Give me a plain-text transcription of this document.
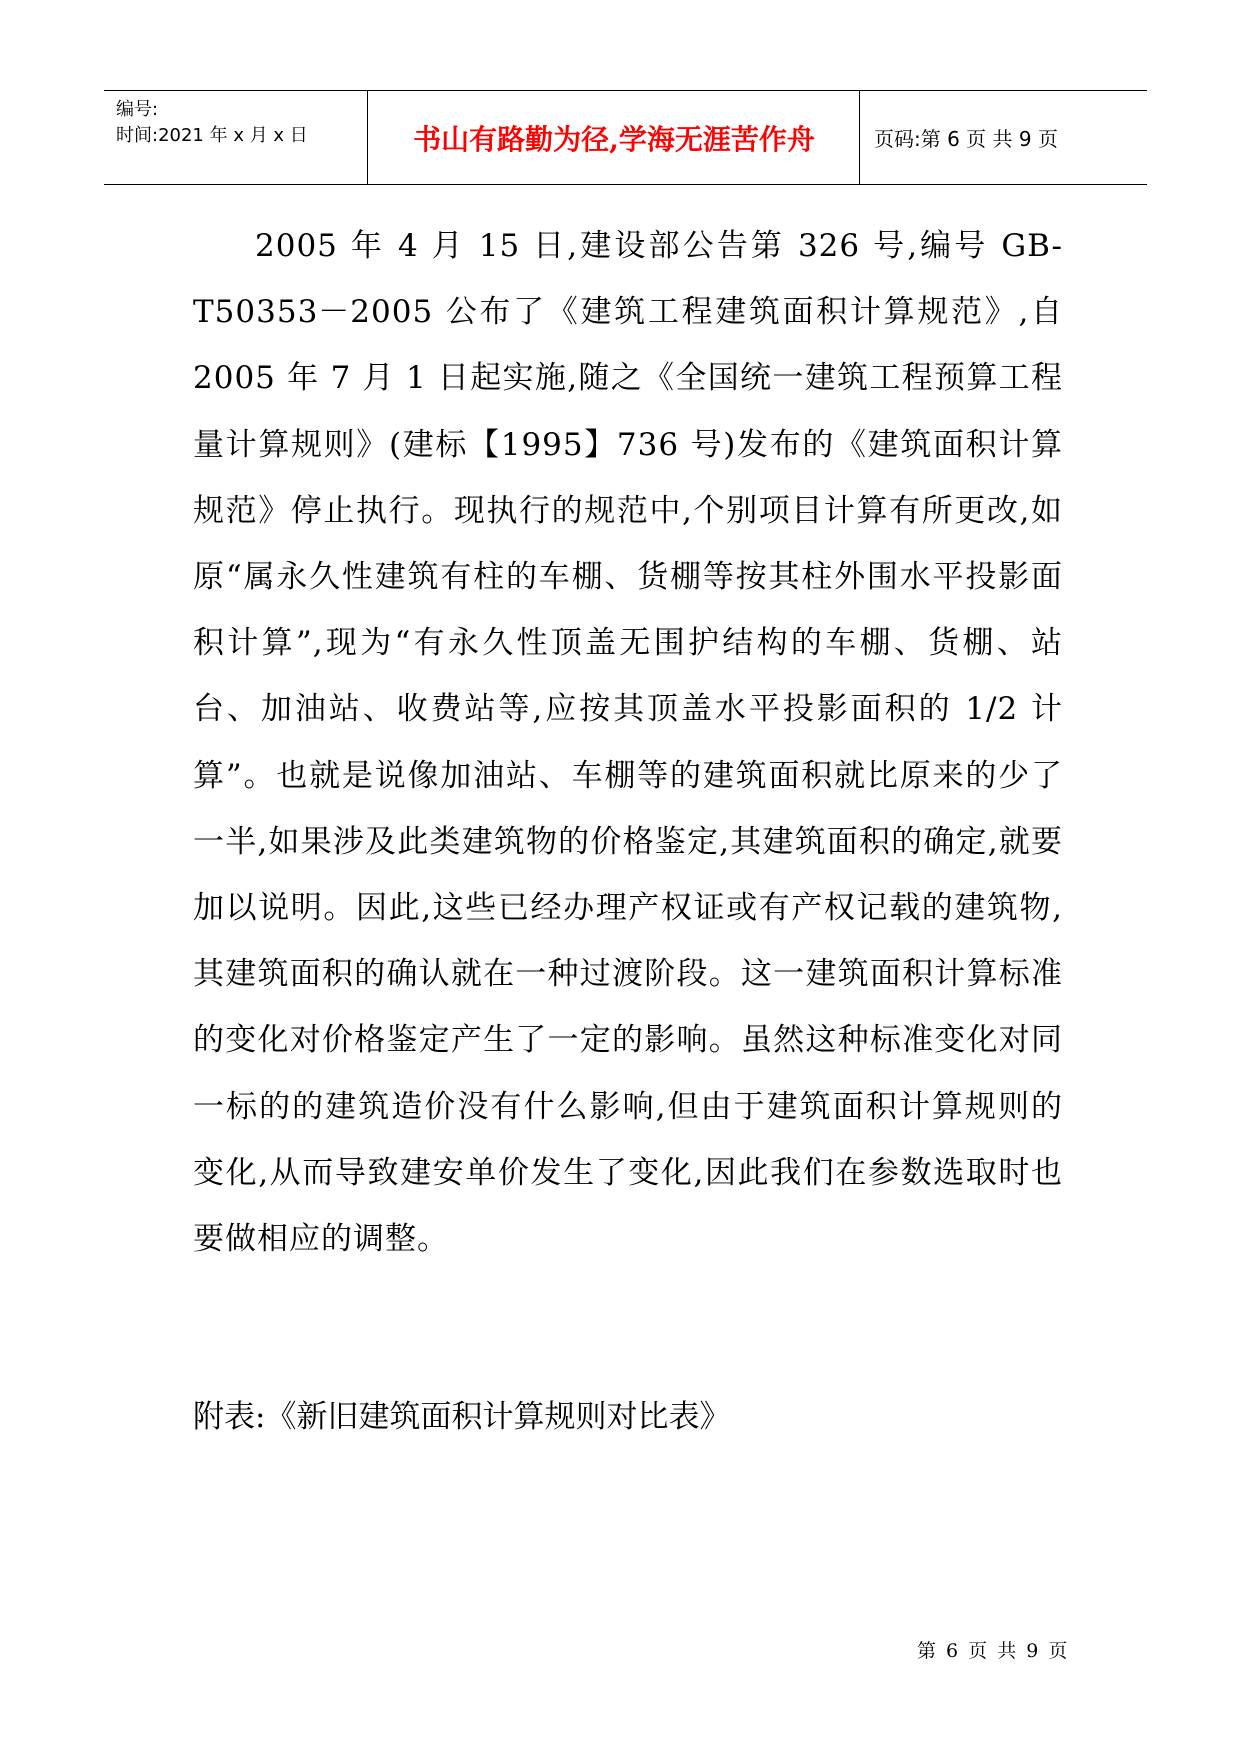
编号:
时间:2021 年 x 月 x 日	书山有路勤为径,学海无涯苦作舟	页码:第 6 页 共 9 页

2005 年 4 月 15 日,建设部公告第 326 号,编号 GB-T50353－2005 公布了《建筑工程建筑面积计算规范》,自 2005 年 7 月 1 日起实施,随之《全国统一建筑工程预算工程量计算规则》(建标【1995】736 号)发布的《建筑面积计算规范》停止执行。现执行的规范中,个别项目计算有所更改,如原“属永久性建筑有柱的车棚、货棚等按其柱外围水平投影面积计算”,现为“有永久性顶盖无围护结构的车棚、货棚、站台、加油站、收费站等,应按其顶盖水平投影面积的 1/2 计算”。也就是说像加油站、车棚等的建筑面积就比原来的少了一半,如果涉及此类建筑物的价格鉴定,其建筑面积的确定,就要加以说明。因此,这些已经办理产权证或有产权记载的建筑物,其建筑面积的确认就在一种过渡阶段。这一建筑面积计算标准的变化对价格鉴定产生了一定的影响。虽然这种标准变化对同一标的的建筑造价没有什么影响,但由于建筑面积计算规则的变化,从而导致建安单价发生了变化,因此我们在参数选取时也要做相应的调整。

附表:《新旧建筑面积计算规则对比表》

第 6 页 共 9 页
